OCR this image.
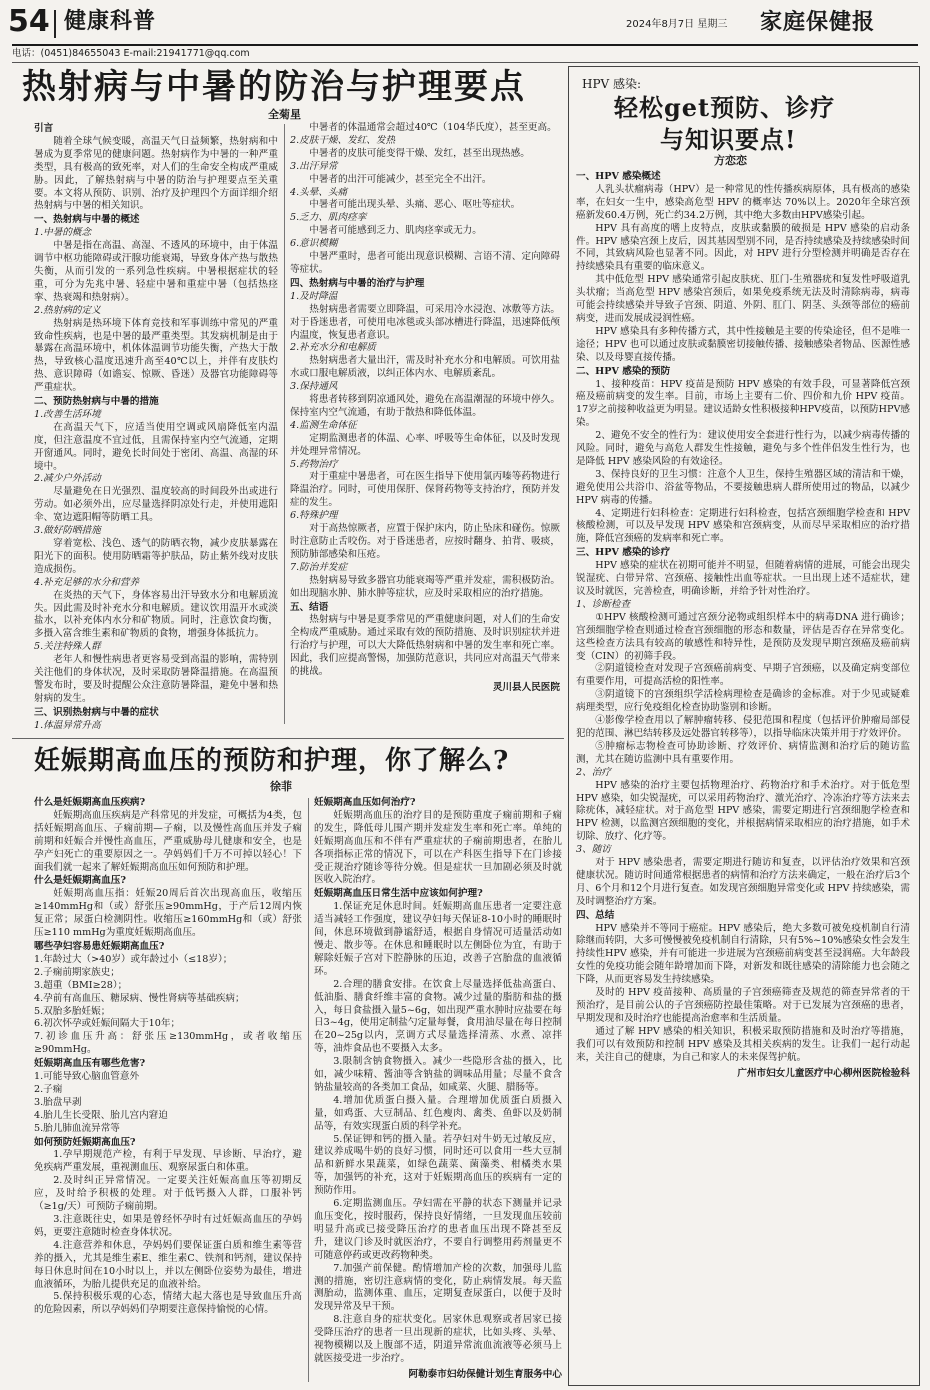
54 健康科普	2024年8月7日 星期三 家庭保健报
电话：(0451)84655043 E-mail:21941771@qq.com
热射病与中暑的防治与护理要点
全菊星

引言

随着全球气候变暖，高温天气日益频繁，热射病和中暑成为夏季常见的健康问题。热射病作为中暑的一种严重类型，具有极高的致死率，对人们的生命安全构成严重威胁。因此，了解热射病与中暑的防治与护理要点至关重要。本文将从预防、识别、治疗及护理四个方面详细介绍热射病与中暑的相关知识。

一、热射病与中暑的概述

1.中暑的概念

中暑是指在高温、高湿、不透风的环境中，由于体温调节中枢功能障碍或汗腺功能衰竭，导致身体产热与散热失衡，从而引发的一系列急性疾病。中暑根据症状的轻重，可分为先兆中暑、轻症中暑和重症中暑（包括热痉挛、热衰竭和热射病）。

2.热射病的定义

热射病是热环境下体育竞技和军事训练中常见的严重致命性疾病，也是中暑的最严重类型。其发病机制是由于暴露在高温环境中，机体体温调节功能失衡，产热大于散热，导致核心温度迅速升高至40℃以上，并伴有皮肤灼热、意识障碍（如谵妄、惊厥、昏迷）及器官功能障碍等严重症状。

二、预防热射病与中暑的措施

1.改善生活环境

在高温天气下，应适当使用空调或风扇降低室内温度，但注意温度不宜过低，且需保持室内空气流通，定期开窗通风。同时，避免长时间处于密闭、高温、高湿的环境中。

2.减少户外活动

尽量避免在日光强烈、温度较高的时间段外出或进行劳动。如必须外出，应尽量选择阴凉处行走，并使用遮阳伞、宽边遮阳帽等防晒工具。

3.做好防晒措施

穿着宽松、浅色、透气的防晒衣物，减少皮肤暴露在阳光下的面积。使用防晒霜等护肤品，防止紫外线对皮肤造成损伤。

4.补充足够的水分和营养

在炎热的天气下，身体容易出汗导致水分和电解质流失。因此需及时补充水分和电解质。建议饮用温开水或淡盐水，以补充体内水分和矿物质。同时，注意饮食均衡，多摄入富含维生素和矿物质的食物，增强身体抵抗力。

5.关注特殊人群

老年人和慢性病患者更容易受到高温的影响，需特别关注他们的身体状况，及时采取防暑降温措施。在高温预警发布时，要及时提醒公众注意防暑降温，避免中暑和热射病的发生。

三、识别热射病与中暑的症状

1.体温异常升高

中暑者的体温通常会超过40℃（104华氏度），甚至更高。

2.皮肤干燥、发红、发热

中暑者的皮肤可能变得干燥、发红，甚至出现热感。

3.出汗异常

中暑者的出汗可能减少，甚至完全不出汗。

4.头晕、头痛

中暑者可能出现头晕、头痛、恶心、呕吐等症状。

5.乏力、肌肉痉挛

中暑者可能感到乏力、肌肉痉挛或无力。

6.意识模糊

中暑严重时，患者可能出现意识模糊、言语不清、定向障碍等症状。

四、热射病与中暑的治疗与护理

1.及时降温

热射病患者需要立即降温，可采用冷水浸泡、冰敷等方法。对于昏迷患者，可使用电冰毯或头部冰槽进行降温，迅速降低颅内温度，恢复患者意识。

2.补充水分和电解质

热射病患者大量出汗，需及时补充水分和电解质。可饮用盐水或口服电解质液，以纠正体内水、电解质紊乱。

3.保持通风

将患者转移到阴凉通风处，避免在高温潮湿的环境中停久。保持室内空气流通，有助于散热和降低体温。

4.监测生命体征

定期监测患者的体温、心率、呼吸等生命体征，以及时发现并处理异常情况。

5.药物治疗

对于重症中暑患者，可在医生指导下使用氯丙嗪等药物进行降温治疗。同时，可使用保肝、保肾药物等支持治疗，预防并发症的发生。

6.特殊护理

对于高热惊厥者，应置于保护床内，防止坠床和碰伤。惊厥时注意防止舌咬伤。对于昏迷患者，应按时翻身、拍背、吸痰，预防肺部感染和压疮。

7.防治并发症

热射病易导致多器官功能衰竭等严重并发症，需积极防治。如出现脑水肿、肺水肿等症状，应及时采取相应的治疗措施。

五、结语

热射病与中暑是夏季常见的严重健康问题，对人们的生命安全构成严重威胁。通过采取有效的预防措施、及时识别症状并进行治疗与护理，可以大大降低热射病和中暑的发生率和死亡率。因此，我们应提高警惕，加强防范意识，共同应对高温天气带来的挑战。

灵川县人民医院

妊娠期高血压的预防和护理，你了解么?
徐菲

什么是妊娠期高血压疾病?

妊娠期高血压疾病是产科常见的并发症，可概括为4类，包括妊娠期高血压、子痫前期—子痫，以及慢性高血压并发子痫前期和妊娠合并慢性高血压，严重威胁母儿健康和安全，也是孕产妇死亡的重要原因之一。孕妈妈们千万不可掉以轻心！下面我们就一起来了解妊娠期高血压如何预防和护理。

什么是妊娠期高血压?

妊娠期高血压指：妊娠20周后首次出现高血压，收缩压≥140mmHg和（或）舒张压≥90mmHg，于产后12周内恢复正常；尿蛋白检测阴性。收缩压≥160mmHg和（或）舒张压≥110 mmHg为重度妊娠期高血压。

哪些孕妇容易患妊娠期高血压?

1.年龄过大（>40岁）或年龄过小（≤18岁）；

2.子痫前期家族史；

3.超重（BMI≥28）；

4.孕前有高血压、糖尿病、慢性肾病等基础疾病；

5.双胎多胎妊娠；

6.初次怀孕或妊娠间隔大于10年；

7.初诊血压升高：舒张压≥130mmHg，或者收缩压≥90mmHg。

妊娠期高血压有哪些危害?

1.可能导致心脑血管意外

2.子痫

3.胎盘早剥

4.胎儿生长受限、胎儿宫内窘迫

5.胎儿肺血流异常等

如何预防妊娠期高血压?

1.孕早期规范产检，有利于早发现、早诊断、早治疗，避免疾病严重发展，重视测血压、观察尿蛋白和体重。

2.及时纠正异常情况。一定要关注妊娠高血压等初期反应，及时给予积极的处理。对于低钙摄入人群，口服补钙（≥1g/天）可预防子痫前期。

3.注意既往史，如果是曾经怀孕时有过妊娠高血压的孕妈妈，更要注意随时检查身体状况。

4.注意营养和休息，孕妈妈们要保证蛋白质和维生素等营养的摄入，尤其是维生素E、维生素C、铁剂和钙剂，建议保持每日休息时间在10小时以上，并以左侧卧位姿势为最佳，增进血液循环，为胎儿提供充足的血液补给。

5.保持积极乐观的心态，情绪大起大落也是导致血压升高的危险因素，所以孕妈妈们孕期要注意保持愉悦的心情。

妊娠期高血压如何治疗?

妊娠期高血压的治疗目的是预防重度子痫前期和子痫的发生，降低母儿围产期并发症发生率和死亡率。单纯的妊娠期高血压和不伴有严重症状的子痫前期患者，在胎儿各项指标正常的情况下，可以在产科医生指导下在门诊接受正规治疗随诊等待分娩。但是症状一旦加剧必须及时就医收入院治疗。

妊娠期高血压日常生活中应该如何护理?

1.保证充足休息时间。妊娠期高血压患者一定要注意适当减轻工作强度，建议孕妇每天保证8-10小时的睡眠时间，休息环境做到静谧舒适，根据自身情况可适量活动如慢走、散步等。在休息和睡眠时以左侧卧位为宜，有助于解除妊娠子宫对下腔静脉的压迫，改善子宫胎盘的血液循环。

2.合理的膳食安排。在饮食上尽量选择低盐高蛋白、低油脂、膳食纤维丰富的食物。减少过量的脂肪和盐的摄入，每日食盐摄入量5~6g，如出现严重水肿时应盐要在每日3~4g，使用定制盐勺定量每餐，食用油尽量在每日控制在20~25g以内，烹调方式尽量选择清蒸、水煮、凉拌等，油炸食品也不要摄入太多。

3.限制含钠食物摄入。减少一些隐形含盐的摄入，比如，减少味精、酱油等含钠盐的调味品用量；尽量不食含钠盐量较高的各类加工食品，如咸菜、火腿、腊肠等。

4.增加优质蛋白摄入量。合理增加优质蛋白质摄入量，如鸡蛋、大豆制品、红色瘦肉、禽类、鱼虾以及奶制品等，有效实现蛋白质的科学补充。

5.保证钾和钙的摄入量。若孕妇对牛奶无过敏反应，建议养成喝牛奶的良好习惯，同时还可以食用一些大豆制品和新鲜水果蔬菜，如绿色蔬菜、菌藻类、柑橘类水果等，加强钙的补充，这对于妊娠期高血压的疾病有一定的预防作用。

6.定期监测血压。孕妇需在平静的状态下测量并记录血压变化，按时服药，保持良好情绪，一旦发现血压较前明显升高或已接受降压治疗的患者血压出现不降甚至反升，建议门诊及时就医治疗，不要自行调整用药剂量更不可随意停药或更改药物种类。

7.加强产前保健。酌情增加产检的次数，加强母儿监测的措施，密切注意病情的变化，防止病情发展。每天监测胎动，监测体重、血压，定期复查尿蛋白，以便于及时发现异常及早干预。

8.注意自身的症状变化。居家休息观察或者居家已接受降压治疗的患者一旦出现新的症状，比如头疼、头晕、视物模糊以及上腹部不适，阴道异常流血流液等必须马上就医接受进一步治疗。

阿勒泰市妇幼保健计划生育服务中心

HPV 感染:
轻松get预防、诊疗
与知识要点!
方恋恋

一、HPV 感染概述

人乳头状瘤病毒（HPV）是一种常见的性传播疾病原体，具有极高的感染率，在妇女一生中，感染高危型 HPV 的概率达 70%以上。2020年全球宫颈癌新发60.4万例，死亡约34.2万例，其中绝大多数由HPV感染引起。

HPV 具有高度的嗜上皮特点，皮肤或黏膜的破损是 HPV 感染的启动条件。HPV 感染宫颈上皮后，因其基因型别不同，是否持续感染及持续感染时间不同，其致病风险也显著不同。因此，对 HPV 进行分型检测并明确是否存在持续感染具有重要的临床意义。

其中低危型 HPV 感染通常引起皮肤疣、肛门-生殖器疣和复发性呼吸道乳头状瘤；当高危型 HPV 感染宫颈后，如果免疫系统无法及时清除病毒，病毒可能会持续感染并导致子宫颈、阴道、外阴、肛门、阴茎、头颈等部位的癌前病变，进而发展成浸润性癌。

HPV 感染具有多种传播方式，其中性接触是主要的传染途径，但不是唯一途径；HPV 也可以通过皮肤或黏膜密切接触传播、接触感染者物品、医源性感染、以及母婴直接传播。

二、HPV 感染的预防

1、接种疫苗：HPV 疫苗是预防 HPV 感染的有效手段，可显著降低宫颈癌及癌前病变的发生率。目前，市场上主要有二价、四价和九价 HPV 疫苗。17岁之前接种收益更为明显。建议适龄女性积极接种HPV疫苗，以预防HPV感染。

2、避免不安全的性行为：建议使用安全套进行性行为，以减少病毒传播的风险。同时，避免与高危人群发生性接触，避免与多个性伴侣发生性行为，也是降低 HPV 感染风险的有效途径。

3、保持良好的卫生习惯：注意个人卫生，保持生殖器区域的清洁和干燥，避免使用公共浴巾、浴盆等物品，不要接触患病人群所使用过的物品，以减少HPV 病毒的传播。

4、定期进行妇科检查：定期进行妇科检查，包括宫颈细胞学检查和 HPV 核酸检测，可以及早发现 HPV 感染和宫颈病变，从而尽早采取相应的治疗措施，降低宫颈癌的发病率和死亡率。

三、HPV 感染的诊疗

HPV 感染的症状在初期可能并不明显，但随着病情的进展，可能会出现尖锐湿疣、白带异常、宫颈癌、接触性出血等症状。一旦出现上述不适症状，建议及时就医，完善检查，明确诊断，并给予针对性治疗。

1、诊断检查

①HPV 核酸检测可通过宫颈分泌物或组织样本中的病毒DNA 进行确诊；宫颈细胞学检查则通过检查宫颈细胞的形态和数量，评估是否存在异常变化。这些检查方法具有较高的敏感性和特异性，是预防及发现早期宫颈癌及癌前病变（CIN）的初筛手段。

②阴道镜检查对发现子宫颈癌前病变、早期子宫颈癌，以及确定病变部位有重要作用，可提高活检的阳性率。

③阴道镜下的宫颈组织学活检病理检查是确诊的金标准。对于少见或疑难病理类型，应行免疫组化检查协助鉴别和诊断。

④影像学检查用以了解肿瘤转移、侵犯范围和程度（包括评价肿瘤局部侵犯的范围、淋巴结转移及远处器官转移等），以指导临床决策并用于疗效评价。

⑤肿瘤标志物检查可协助诊断、疗效评价、病情监测和治疗后的随访监测，尤其在随访监测中具有重要作用。

2、治疗

HPV 感染的治疗主要包括物理治疗、药物治疗和手术治疗。对于低危型 HPV 感染，如尖锐湿疣，可以采用药物治疗、激光治疗、冷冻治疗等方法来去除疣体，减轻症状。对于高危型 HPV 感染，需要定期进行宫颈细胞学检查和 HPV 检测，以监测宫颈细胞的变化，并根据病情采取相应的治疗措施，如手术切除、放疗、化疗等。

3、随访

对于 HPV 感染患者，需要定期进行随访和复查，以评估治疗效果和宫颈健康状况。随访时间通常根据患者的病情和治疗方法来确定，一般在治疗后3个月、6个月和12个月进行复查。如发现宫颈细胞异常变化或 HPV 持续感染，需及时调整治疗方案。

四、总结

HPV 感染并不等同于癌症。HPV 感染后，绝大多数可被免疫机制自行清除继而转阴，大多可慢慢被免疫机制自行清除，只有5%~10%感染女性会发生持续性HPV 感染，并有可能进一步进展为宫颈癌前病变甚至浸润癌。大年龄段女性的免疫功能会随年龄增加而下降，对新发和既往感染的清除能力也会随之下降，从而更容易发生持续感染。

及时的 HPV 疫苗接种、高质量的子宫颈癌筛查及规范的筛查异常者的干预治疗，是目前公认的子宫颈癌防控最佳策略。对于已发展为宫颈癌的患者，早期发现和及时治疗也能提高治愈率和生活质量。

通过了解 HPV 感染的相关知识，积极采取预防措施和及时治疗等措施，我们可以有效预防和控制 HPV 感染及其相关疾病的发生。让我们一起行动起来，关注自己的健康，为自己和家人的未来保驾护航。

广州市妇女儿童医疗中心柳州医院检验科
